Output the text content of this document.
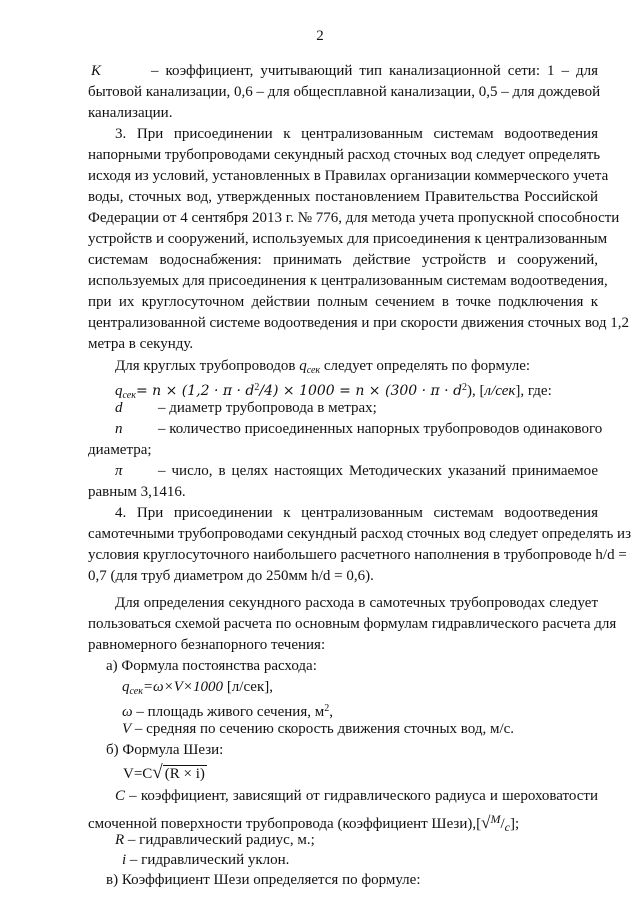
2
K	– коэффициент, учитывающий тип канализационной сети: 1 – для
бытовой канализации, 0,6 – для общесплавной канализации, 0,5 – для дождевой
канализации.
3. При присоединении к централизованным системам водоотведения
напорными трубопроводами секундный расход сточных вод следует определять
исходя из условий, установленных в Правилах организации коммерческого учета
воды, сточных вод, утвержденных постановлением Правительства Российской
Федерации от 4 сентября 2013 г. № 776, для метода учета пропускной способности
устройств и сооружений, используемых для присоединения к централизованным
системам водоснабжения: принимать действие устройств и сооружений,
используемых для присоединения к централизованным системам водоотведения,
при их круглосуточном действии полным сечением в точке подключения к
централизованной системе водоотведения и при скорости движения сточных вод 1,2
метра в секунду.
Для круглых трубопроводов $q_{сек}$ следует определять по формуле:
$q_{сек}= n \times (1,2 \cdot \pi \cdot d^2/4) \times 1000 = n \times (300 \cdot \pi \cdot d^2)$, [л/сек], где:
d – диаметр трубопровода в метрах;
n – количество присоединенных напорных трубопроводов одинакового
диаметра;
π – число, в целях настоящих Методических указаний принимаемое
равным 3,1416.
4. При присоединении к централизованным системам водоотведения
самотечными трубопроводами секундный расход сточных вод следует определять из
условия круглосуточного наибольшего расчетного наполнения в трубопроводе h/d =
0,7 (для труб диаметром до 250мм h/d = 0,6).
Для определения секундного расхода в самотечных трубопроводах следует
пользоваться схемой расчета по основным формулам гидравлического расчета для
равномерного безнапорного течения:
а) Формула постоянства расхода:
$q_{сек}=\omega\times V\times 1000$ [л/сек],
ω – площадь живого сечения, $м^2$,
V – средняя по сечению скорость движения сточных вод, м/с.
б) Формула Шези:
V=C√ (R × i)
C – коэффициент, зависящий от гидравлического радиуса и шероховатости
смоченной поверхности трубопровода (коэффициент $Шези),[√^М/_c]$;
R – гидравлический радиус, м.;
i – гидравлический уклон.
в) Коэффициент Шези определяется по формуле:
